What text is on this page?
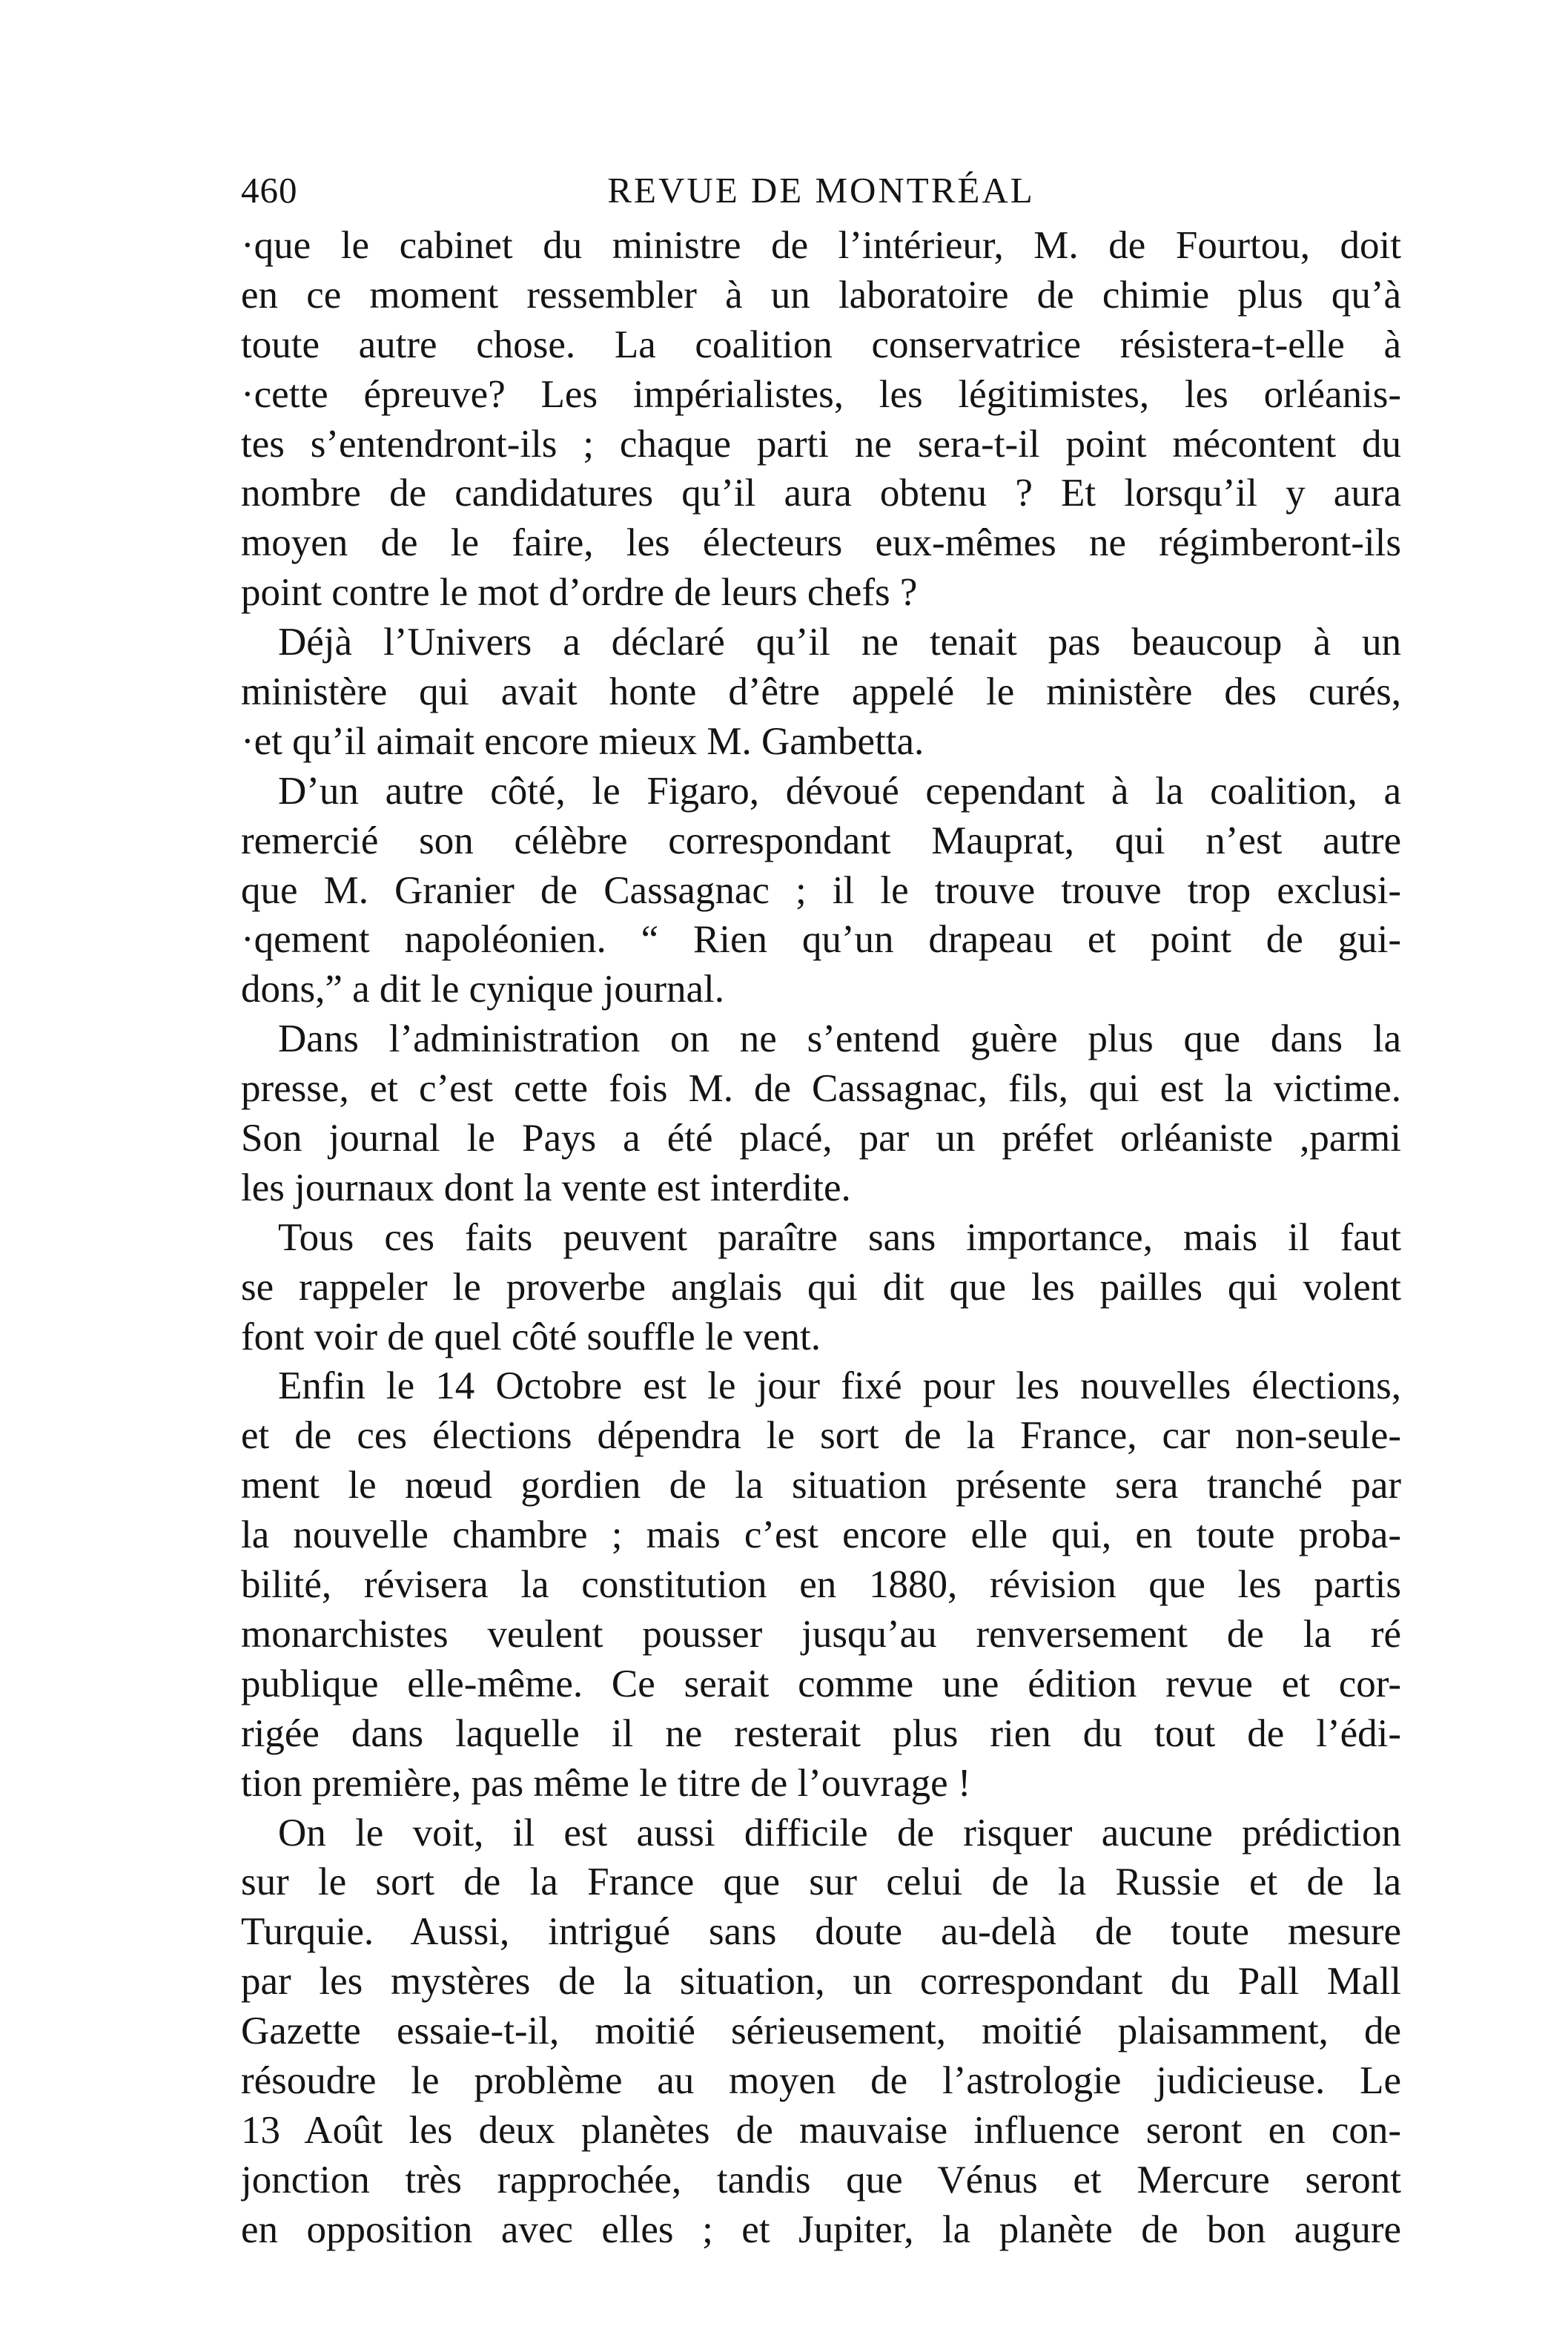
460	REVUE DE MONTRÉAL
·que le cabinet du ministre de l’intérieur, M. de Fourtou, doit
en ce moment ressembler à un laboratoire de chimie plus qu’à
toute autre chose. La coalition conservatrice résistera-t-elle à
·cette épreuve? Les impérialistes, les légitimistes, les orléanis-
tes s’entendront-ils ; chaque parti ne sera-t-il point mécontent du
nombre de candidatures qu’il aura obtenu ? Et lorsqu’il y aura
moyen de le faire, les électeurs eux-mêmes ne régimberont-ils
point contre le mot d’ordre de leurs chefs ?
Déjà l’Univers a déclaré qu’il ne tenait pas beaucoup à un
ministère qui avait honte d’être appelé le ministère des curés,
·et qu’il aimait encore mieux M. Gambetta.
D’un autre côté, le Figaro, dévoué cependant à la coalition, a
remercié son célèbre correspondant Mauprat, qui n’est autre
que M. Granier de Cassagnac ; il le trouve trouve trop exclusi-
·qement napoléonien. “ Rien qu’un drapeau et point de gui-
dons,” a dit le cynique journal.
Dans l’administration on ne s’entend guère plus que dans la
presse, et c’est cette fois M. de Cassagnac, fils, qui est la victime.
Son journal le Pays a été placé, par un préfet orléaniste ,parmi
les journaux dont la vente est interdite.
Tous ces faits peuvent paraître sans importance, mais il faut
se rappeler le proverbe anglais qui dit que les pailles qui volent
font voir de quel côté souffle le vent.
Enfin le 14 Octobre est le jour fixé pour les nouvelles élections,
et de ces élections dépendra le sort de la France, car non-seule-
ment le nœud gordien de la situation présente sera tranché par
la nouvelle chambre ; mais c’est encore elle qui, en toute proba-
bilité, révisera la constitution en 1880, révision que les partis
monarchistes veulent pousser jusqu’au renversement de la ré
publique elle-même. Ce serait comme une édition revue et cor-
rigée dans laquelle il ne resterait plus rien du tout de l’édi-
tion première, pas même le titre de l’ouvrage !
On le voit, il est aussi difficile de risquer aucune prédiction
sur le sort de la France que sur celui de la Russie et de la
Turquie. Aussi, intrigué sans doute au-delà de toute mesure
par les mystères de la situation, un correspondant du Pall Mall
Gazette essaie-t-il, moitié sérieusement, moitié plaisamment, de
résoudre le problème au moyen de l’astrologie judicieuse. Le
13 Août les deux planètes de mauvaise influence seront en con-
jonction très rapprochée, tandis que Vénus et Mercure seront
en opposition avec elles ; et Jupiter, la planète de bon augure
